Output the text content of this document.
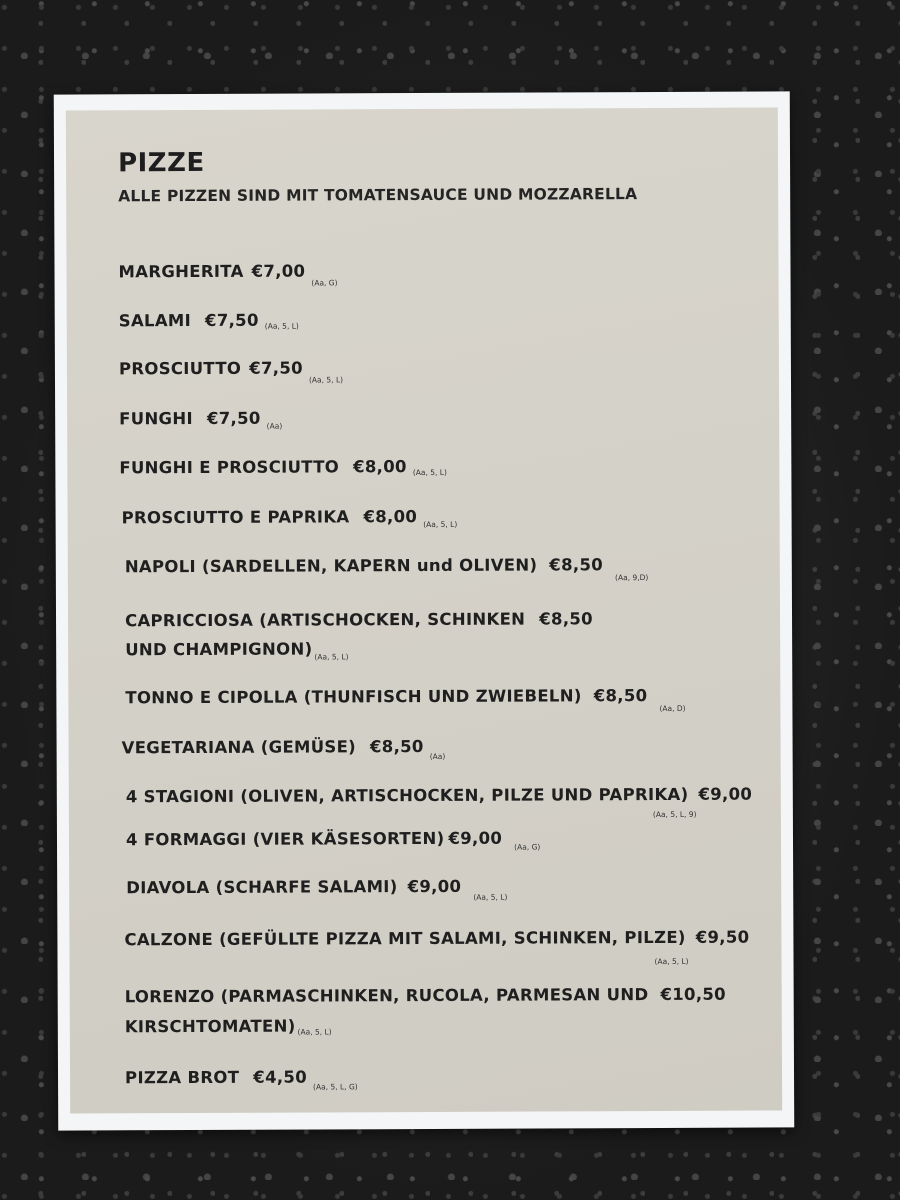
PIZZE

ALLE PIZZEN SIND MIT TOMATENSAUCE UND MOZZARELLA

MARGHERITA $€7,00_{(Aa, G)}$
SALAMI €7,50 (Aa, 5, L)
PROSCIUTTO $€7,50_{(Aa, 5, L)}$
FUNGHI €7,50 $_{(Aa)}$
FUNGHI E PROSCIUTTO €8,00 (Aa, 5, L)
PROSCIUTTO E PAPRIKA €8,00 $_{(Aa, 5, L)}$
NAPOLI (SARDELLEN, KAPERN und OLIVEN) $€8,50_{(Aa, 9,D)}$
CAPRICCIOSA (ARTISCHOCKEN, SCHINKEN €8,50
UND CHAMPIGNON) $_{(Aa, 5, L)}$
TONNO E CIPOLLA (THUNFISCH UND ZWIEBELN) $€8,50_{(Aa, D)}$
VEGETARIANA (GEMÜSE) $€8,50_{(Aa)}$
4 STAGIONI (OLIVEN, ARTISCHOCKEN, PILZE UND PAPRIKA) €9,00
(Aa, 5, L, 9)
4 FORMAGGI (VIER KÄSESORTEN) €9,00 $_{(Aa, G)}$
DIAVOLA (SCHARFE SALAMI) $€9,00_{(Aa, 5, L)}$
CALZONE (GEFÜLLTE PIZZA MIT SALAMI, SCHINKEN, PILZE) €9,50
(Aa, 5, L)
LORENZO (PARMASCHINKEN, RUCOLA, PARMESAN UND €10,50
KIRSCHTOMATEN) (Aa, 5, L)
PIZZA BROT $€4,50_{(Aa, 5, L, G)}$
